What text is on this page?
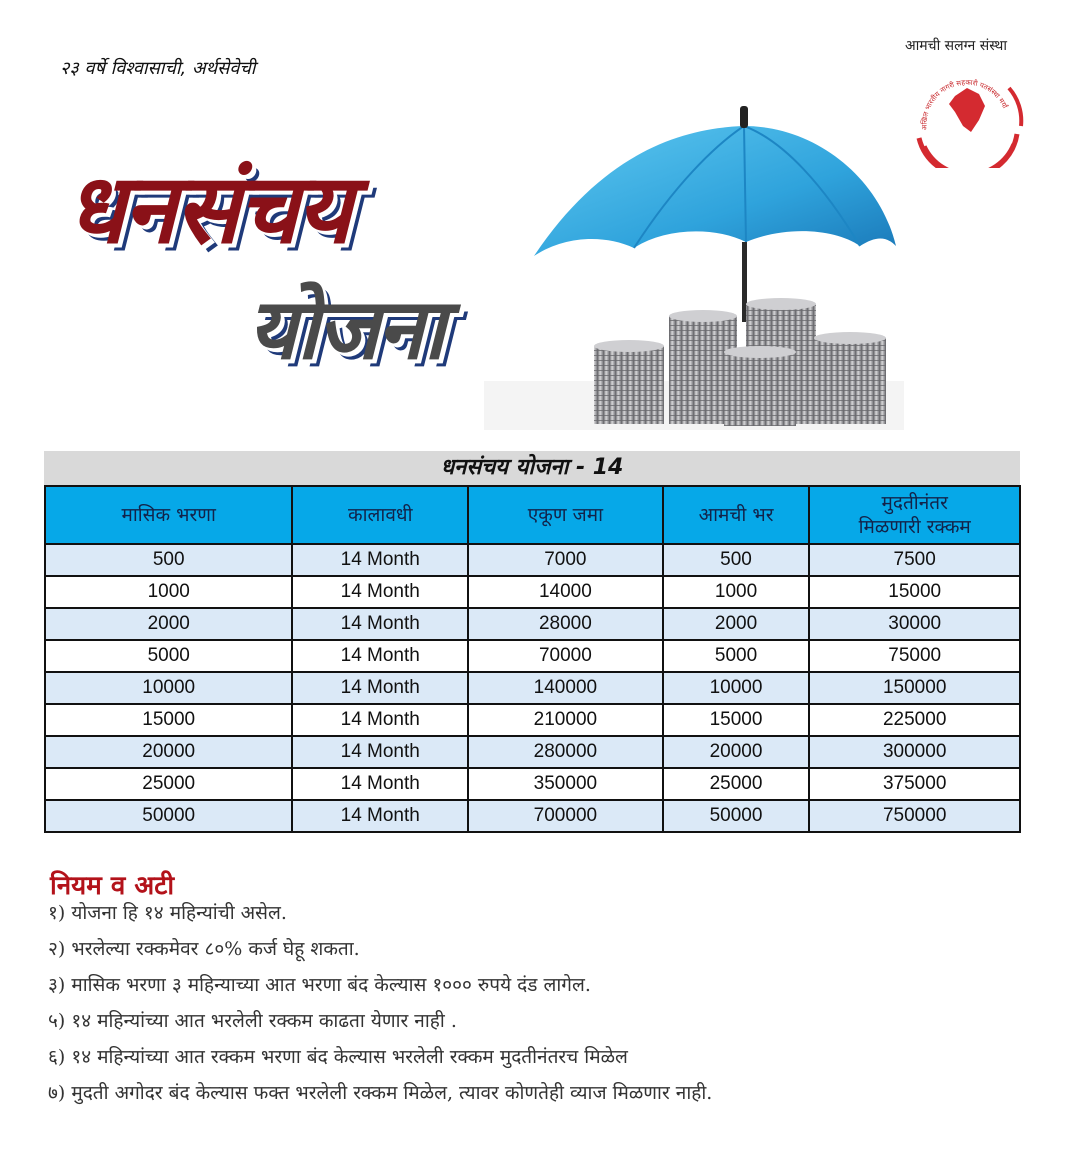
२३ वर्षे विश्वासाची, अर्थसेवेची
आमची सलग्न संस्था
अखिल भारतीय नागरी सहकारी पतसंस्था मर्या
धनसंचय
योजना
धनसंचय योजना - 14
मासिक भरणा	कालावधी	एकूण जमा	आमची भर	मुदतीनंतर
मिळणारी रक्कम
500	14 Month	7000	500	7500
1000	14 Month	14000	1000	15000
2000	14 Month	28000	2000	30000
5000	14 Month	70000	5000	75000
10000	14 Month	140000	10000	150000
15000	14 Month	210000	15000	225000
20000	14 Month	280000	20000	300000
25000	14 Month	350000	25000	375000
50000	14 Month	700000	50000	750000
नियम व अटी
१) योजना हि १४ महिन्यांची असेल.
२) भरलेल्या रक्कमेवर ८०% कर्ज घेहू शकता.
३) मासिक भरणा ३ महिन्याच्या आत भरणा बंद केल्यास १००० रुपये दंड लागेल.
५) १४ महिन्यांच्या आत भरलेली रक्कम काढता येणार नाही .
६) १४ महिन्यांच्या आत रक्कम भरणा बंद केल्यास भरलेली रक्कम मुदतीनंतरच मिळेल
७) मुदती अगोदर बंद केल्यास फक्त भरलेली रक्कम मिळेल, त्यावर कोणतेही व्याज मिळणार नाही.
